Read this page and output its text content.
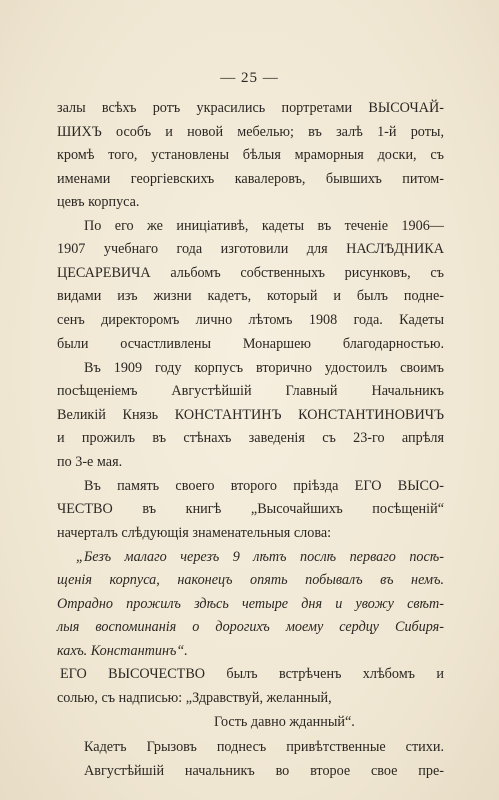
— 25 —
залы всѣхъ ротъ украсились портретами ВЫСОЧАЙ-
ШИХЪ особъ и новой мебелью; въ залѣ 1-й роты,
кромѣ того, установлены бѣлыя мраморныя доски, съ
именами георгіевскихъ кавалеровъ, бывшихъ питом-
цевъ корпуса.
По его же иниціативѣ, кадеты въ теченіе 1906—
1907 учебнаго года изготовили для НАСЛѢДНИКА
ЦЕСАРЕВИЧА альбомъ собственныхъ рисунковъ, съ
видами изъ жизни кадетъ, который и былъ подне-
сенъ директоромъ лично лѣтомъ 1908 года. Кадеты
были осчастливлены Монаршею благодарностью.
Въ 1909 году корпусъ вторично удостоилъ своимъ
посѣщеніемъ Августѣйшій Главный Начальникъ
Великій Князь КОНСТАНТИНЪ КОНСТАНТИНОВИЧЪ
и прожилъ въ стѣнахъ заведенія съ 23-го апрѣля
по 3-е мая.
Въ память своего второго пріѣзда ЕГО ВЫСО-
ЧЕСТВО въ книгѣ „Высочайшихъ посѣщеній“
начерталъ слѣдующія знаменательныя слова:
„Безъ малаго черезъ 9 лѣтъ послѣ перваго посѣ-
щенія корпуса, наконецъ опять побывалъ въ немъ.
Отрадно прожилъ здѣсь четыре дня и увожу свѣт-
лыя воспоминанія о дорогихъ моему сердцу Сибиря-
кахъ. Константинъ“.
ЕГО ВЫСОЧЕСТВО былъ встрѣченъ хлѣбомъ и
солью, съ надписью: „Здравствуй, желанный,
Гость давно жданный“.
Кадетъ Грызовъ поднесъ привѣтственные стихи.
Августѣйшій начальникъ во второе свое пре-
